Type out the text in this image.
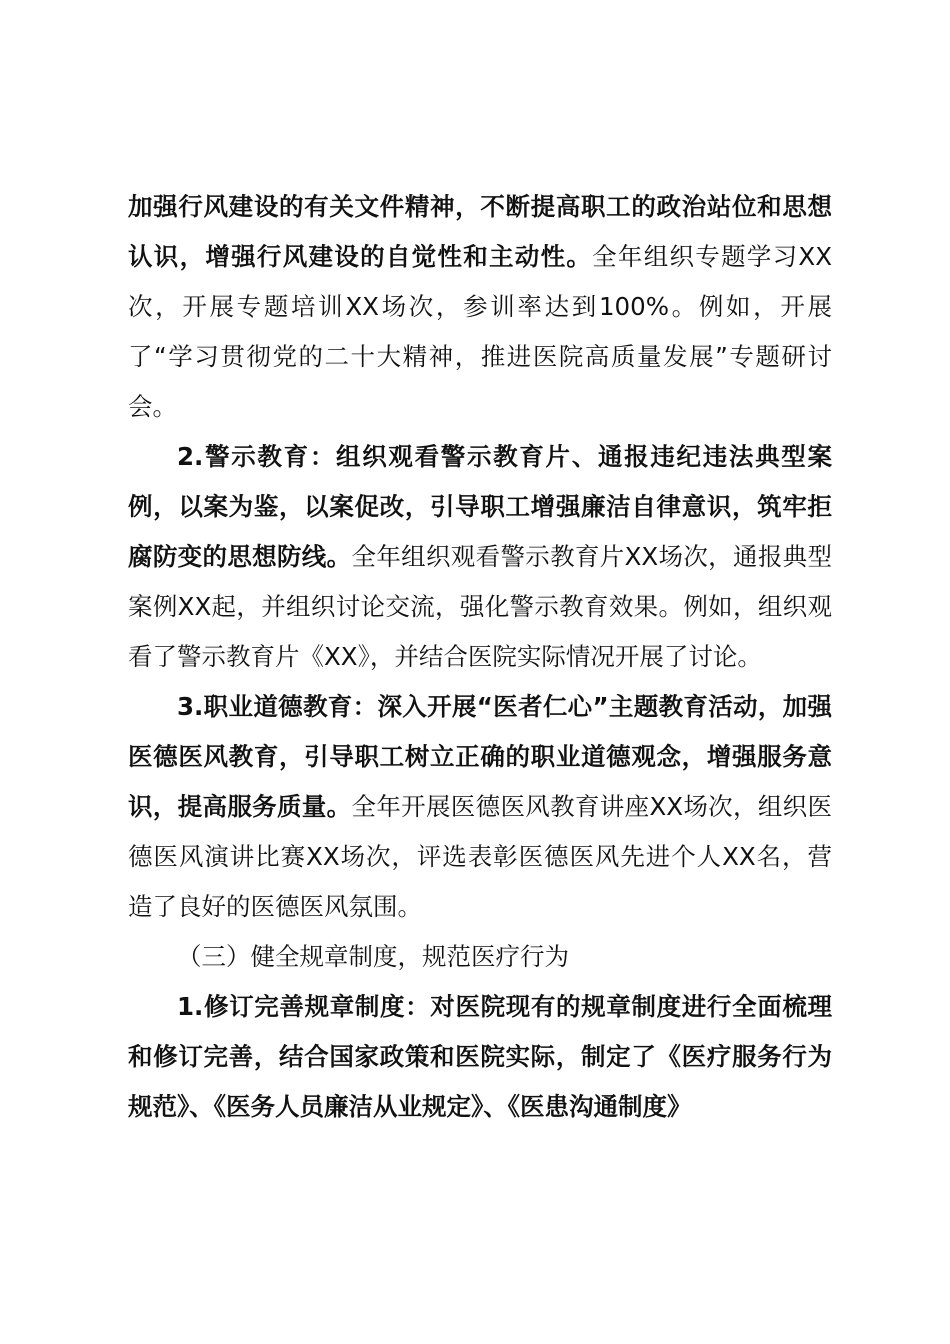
加强行风建设的有关文件精神，不断提高职工的政治站位和思想认识，增强行风建设的自觉性和主动性。全年组织专题学习XX次，开展专题培训XX场次，参训率达到100%。例如，开展了“学习贯彻党的二十大精神，推进医院高质量发展”专题研讨会。

2.警示教育：组织观看警示教育片、通报违纪违法典型案例，以案为鉴，以案促改，引导职工增强廉洁自律意识，筑牢拒腐防变的思想防线。全年组织观看警示教育片XX场次，通报典型案例XX起，并组织讨论交流，强化警示教育效果。例如，组织观看了警示教育片《XX》，并结合医院实际情况开展了讨论。

3.职业道德教育：深入开展“医者仁心”主题教育活动，加强医德医风教育，引导职工树立正确的职业道德观念，增强服务意识，提高服务质量。全年开展医德医风教育讲座XX场次，组织医德医风演讲比赛XX场次，评选表彰医德医风先进个人XX名，营造了良好的医德医风氛围。

（三）健全规章制度，规范医疗行为

1.修订完善规章制度：对医院现有的规章制度进行全面梳理和修订完善，结合国家政策和医院实际，制定了《医疗服务行为规范》、《医务人员廉洁从业规定》、《医患沟通制度》
